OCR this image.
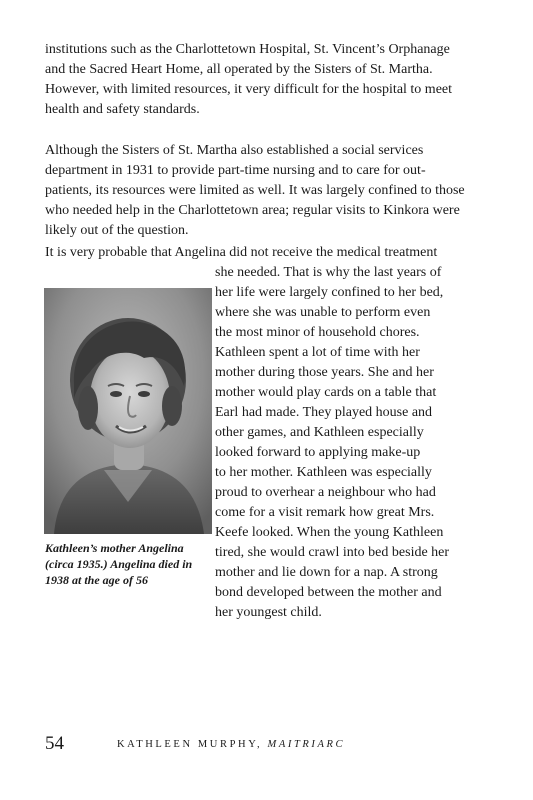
institutions such as the Charlottetown Hospital, St. Vincent’s Orphanage
and the Sacred Heart Home, all operated by the Sisters of St. Martha.
However, with limited resources, it very difficult for the hospital to meet
health and safety standards.

Although the Sisters of St. Martha also established a social services
department in 1931 to provide part-time nursing and to care for out-
patients, its resources were limited as well. It was largely confined to those
who needed help in the Charlottetown area; regular visits to Kinkora were
likely out of the question.

It is very probable that Angelina did not receive the medical treatment

she needed. That is why the last years of
her life were largely confined to her bed,
where she was unable to perform even
the most minor of household chores.
Kathleen spent a lot of time with her
mother during those years. She and her
mother would play cards on a table that
Earl had made. They played house and
other games, and Kathleen especially
looked forward to applying make-up
to her mother. Kathleen was especially
proud to overhear a neighbour who had
come for a visit remark how great Mrs.
Keefe looked. When the young Kathleen
tired, she would crawl into bed beside her
mother and lie down for a nap. A strong
bond developed between the mother and
her youngest child.

Kathleen’s mother Angelina
(circa 1935.) Angelina died in
1938 at the age of 56

54	KATHLEEN MURPHY, MAITRIARC
